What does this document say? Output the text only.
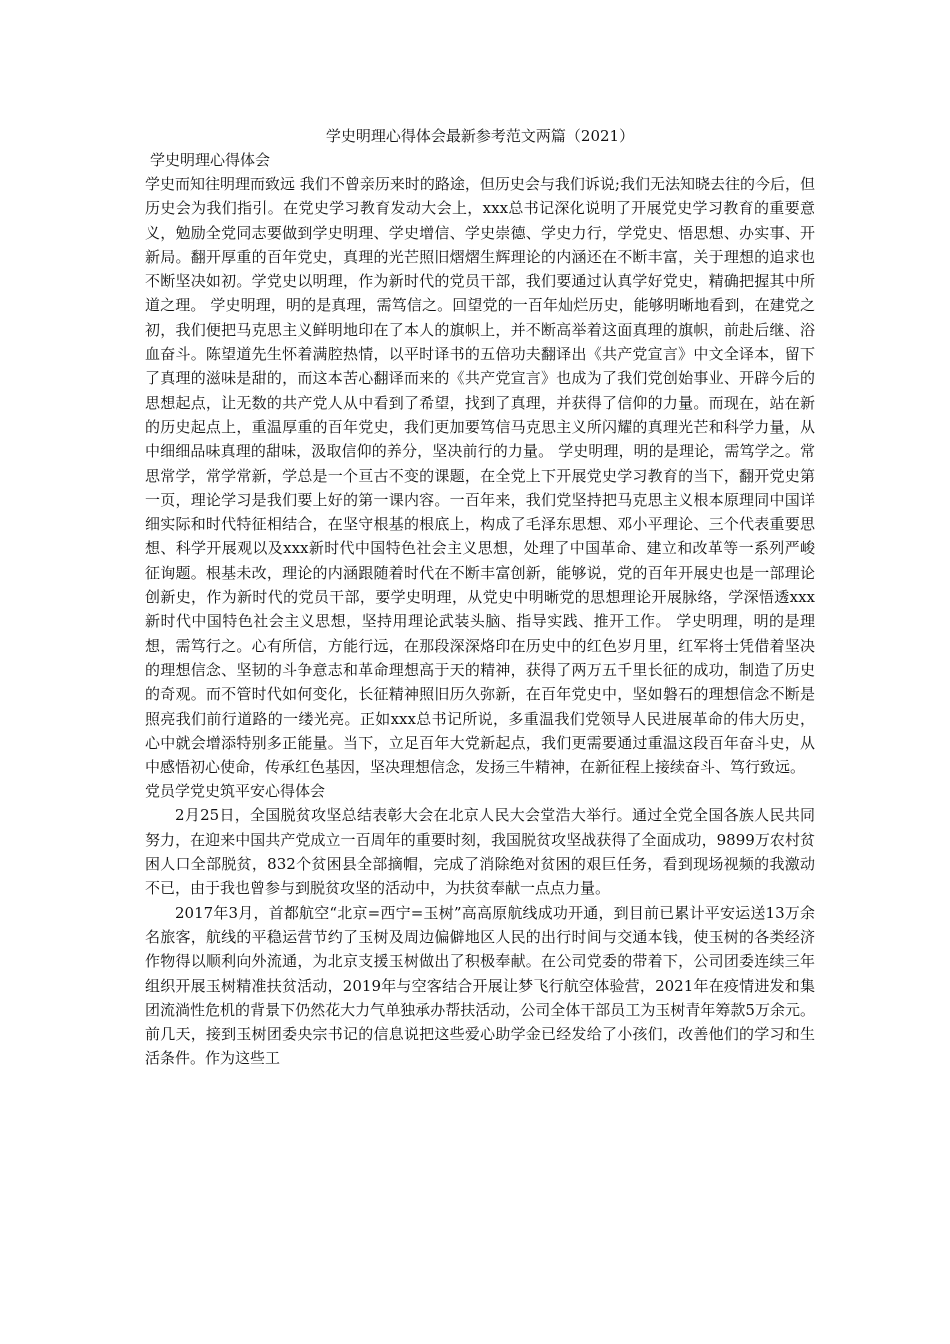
学史明理心得体会最新参考范文两篇（2021）
学史明理心得体会

学史而知往明理而致远 我们不曾亲历来时的路途，但历史会与我们诉说;我们无法知晓去往的今后，但历史会为我们指引。在党史学习教育发动大会上，xxx总书记深化说明了开展党史学习教育的重要意义，勉励全党同志要做到学史明理、学史增信、学史崇德、学史力行，学党史、悟思想、办实事、开新局。翻开厚重的百年党史，真理的光芒照旧熠熠生辉理论的内涵还在不断丰富，关于理想的追求也不断坚决如初。学党史以明理，作为新时代的党员干部，我们要通过认真学好党史，精确把握其中所道之理。 学史明理，明的是真理，需笃信之。回望党的一百年灿烂历史，能够明晰地看到，在建党之初，我们便把马克思主义鲜明地印在了本人的旗帜上，并不断高举着这面真理的旗帜，前赴后继、浴血奋斗。陈望道先生怀着满腔热情，以平时译书的五倍功夫翻译出《共产党宣言》中文全译本，留下了真理的滋味是甜的，而这本苦心翻译而来的《共产党宣言》也成为了我们党创始事业、开辟今后的思想起点，让无数的共产党人从中看到了希望，找到了真理，并获得了信仰的力量。而现在，站在新的历史起点上，重温厚重的百年党史，我们更加要笃信马克思主义所闪耀的真理光芒和科学力量，从中细细品味真理的甜味，汲取信仰的养分，坚决前行的力量。 学史明理，明的是理论，需笃学之。常思常学，常学常新，学总是一个亘古不变的课题，在全党上下开展党史学习教育的当下，翻开党史第一页，理论学习是我们要上好的第一课内容。一百年来，我们党坚持把马克思主义根本原理同中国详细实际和时代特征相结合，在坚守根基的根底上，构成了毛泽东思想、邓小平理论、三个代表重要思想、科学开展观以及xxx新时代中国特色社会主义思想，处理了中国革命、建立和改革等一系列严峻征询题。根基未改，理论的内涵跟随着时代在不断丰富创新，能够说，党的百年开展史也是一部理论创新史，作为新时代的党员干部，要学史明理，从党史中明晰党的思想理论开展脉络，学深悟透xxx新时代中国特色社会主义思想，坚持用理论武装头脑、指导实践、推开工作。 学史明理，明的是理想，需笃行之。心有所信，方能行远，在那段深深烙印在历史中的红色岁月里，红军将士凭借着坚决的理想信念、坚韧的斗争意志和革命理想高于天的精神，获得了两万五千里长征的成功，制造了历史的奇观。而不管时代如何变化，长征精神照旧历久弥新，在百年党史中，坚如磐石的理想信念不断是照亮我们前行道路的一缕光亮。正如xxx总书记所说，多重温我们党领导人民进展革命的伟大历史，心中就会增添特别多正能量。当下，立足百年大党新起点，我们更需要通过重温这段百年奋斗史，从中感悟初心使命，传承红色基因，坚决理想信念，发扬三牛精神，在新征程上接续奋斗、笃行致远。

党员学党史筑平安心得体会

2月25日，全国脱贫攻坚总结表彰大会在北京人民大会堂浩大举行。通过全党全国各族人民共同努力，在迎来中国共产党成立一百周年的重要时刻，我国脱贫攻坚战获得了全面成功，9899万农村贫困人口全部脱贫，832个贫困县全部摘帽，完成了消除绝对贫困的艰巨任务，看到现场视频的我激动不已，由于我也曾参与到脱贫攻坚的活动中，为扶贫奉献一点点力量。

2017年3月，首都航空“北京=西宁=玉树”高高原航线成功开通，到目前已累计平安运送13万余名旅客，航线的平稳运营节约了玉树及周边偏僻地区人民的出行时间与交通本钱，使玉树的各类经济作物得以顺利向外流通，为北京支援玉树做出了积极奉献。在公司党委的带着下，公司团委连续三年组织开展玉树精准扶贫活动，2019年与空客结合开展让梦飞行航空体验营，2021年在疫情进发和集团流淌性危机的背景下仍然花大力气单独承办帮扶活动，公司全体干部员工为玉树青年筹款5万余元。前几天，接到玉树团委央宗书记的信息说把这些爱心助学金已经发给了小孩们，改善他们的学习和生活条件。作为这些工
